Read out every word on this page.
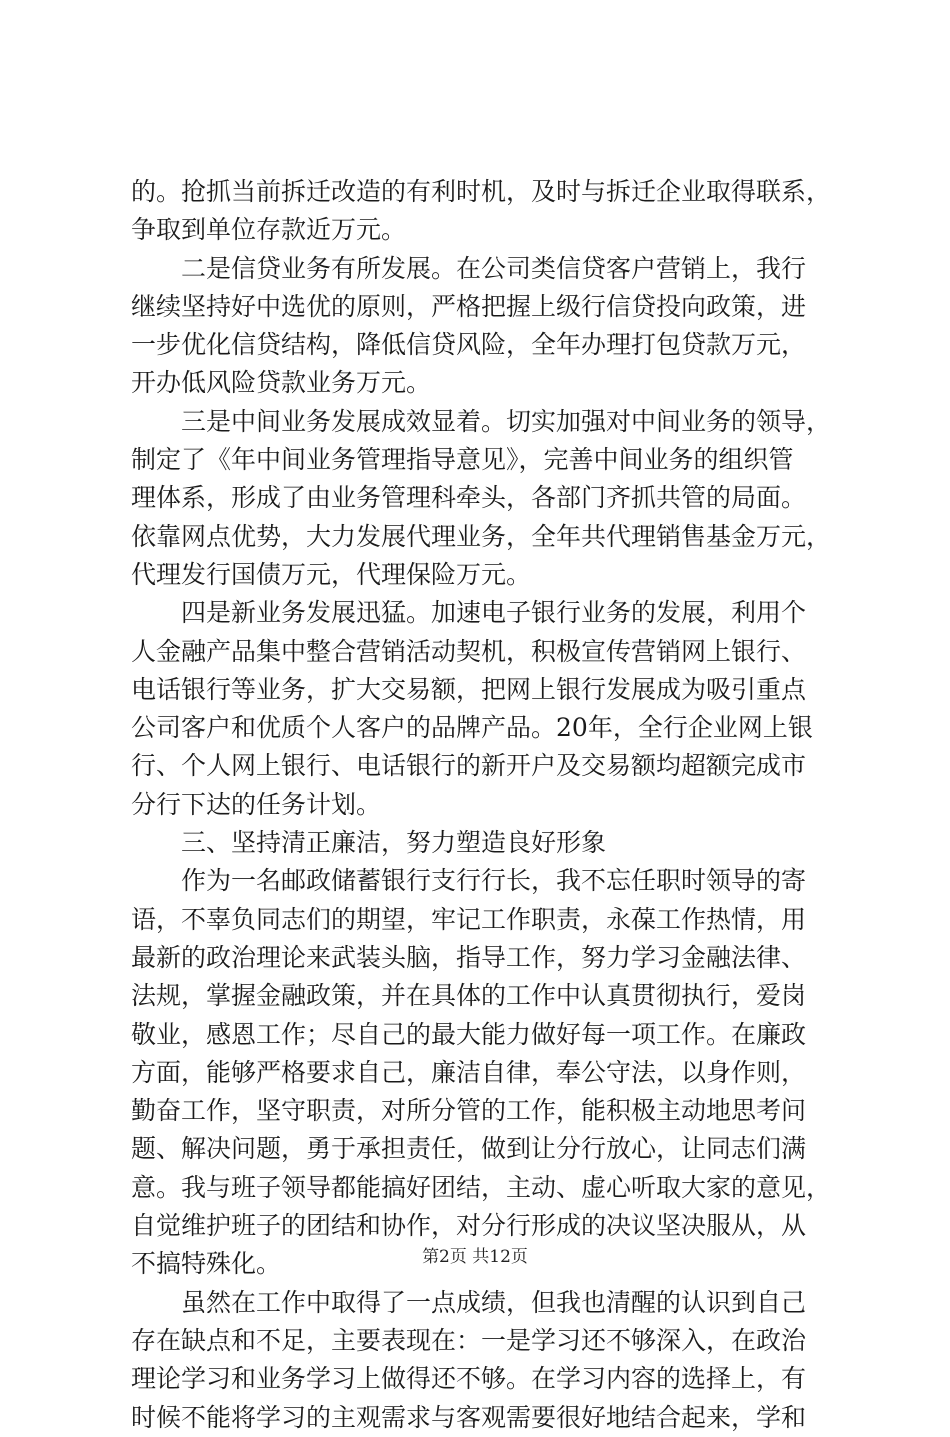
的。抢抓当前拆迁改造的有利时机，及时与拆迁企业取得联系，
争取到单位存款近万元。
二是信贷业务有所发展。在公司类信贷客户营销上，我行
继续坚持好中选优的原则，严格把握上级行信贷投向政策，进
一步优化信贷结构，降低信贷风险，全年办理打包贷款万元，
开办低风险贷款业务万元。
三是中间业务发展成效显着。切实加强对中间业务的领导，
制定了《年中间业务管理指导意见》，完善中间业务的组织管
理体系，形成了由业务管理科牵头，各部门齐抓共管的局面。
依靠网点优势，大力发展代理业务，全年共代理销售基金万元，
代理发行国债万元，代理保险万元。
四是新业务发展迅猛。加速电子银行业务的发展，利用个
人金融产品集中整合营销活动契机，积极宣传营销网上银行、
电话银行等业务，扩大交易额，把网上银行发展成为吸引重点
公司客户和优质个人客户的品牌产品。20年，全行企业网上银
行、个人网上银行、电话银行的新开户及交易额均超额完成市
分行下达的任务计划。
三、坚持清正廉洁，努力塑造良好形象
作为一名邮政储蓄银行支行行长，我不忘任职时领导的寄
语，不辜负同志们的期望，牢记工作职责，永葆工作热情，用
最新的政治理论来武装头脑，指导工作，努力学习金融法律、
法规，掌握金融政策，并在具体的工作中认真贯彻执行，爱岗
敬业，感恩工作；尽自己的最大能力做好每一项工作。在廉政
方面，能够严格要求自己，廉洁自律，奉公守法，以身作则，
勤奋工作，坚守职责，对所分管的工作，能积极主动地思考问
题、解决问题，勇于承担责任，做到让分行放心，让同志们满
意。我与班子领导都能搞好团结，主动、虚心听取大家的意见，
自觉维护班子的团结和协作，对分行形成的决议坚决服从，从
不搞特殊化。
虽然在工作中取得了一点成绩，但我也清醒的认识到自己
存在缺点和不足，主要表现在：一是学习还不够深入，在政治
理论学习和业务学习上做得还不够。在学习内容的选择上，有
时候不能将学习的主观需求与客观需要很好地结合起来，学和
第2页 共12页
